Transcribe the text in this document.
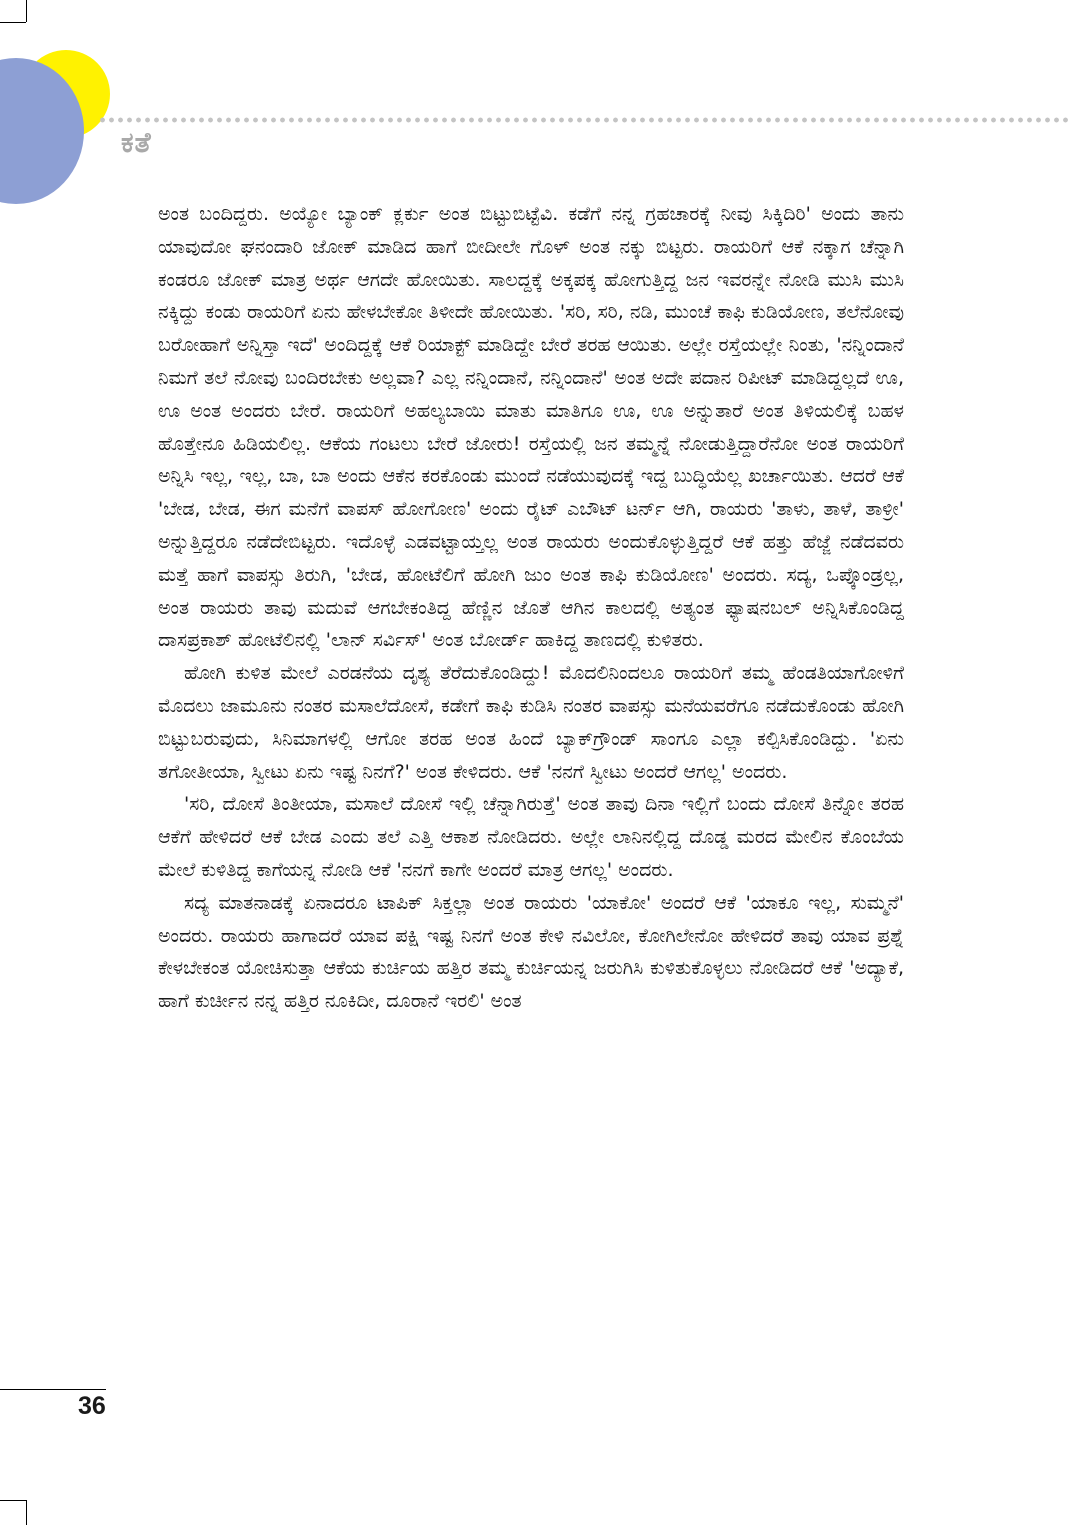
ಕತೆ

ಅಂತ ಬಂದಿದ್ದರು. ಅಯ್ಯೋ ಬ್ಯಾಂಕ್ ಕ್ಲರ್ಕು ಅಂತ ಬಿಟ್ಟುಬಿಟ್ಟೆವಿ. ಕಡೆಗೆ ನನ್ನ ಗ್ರಹಚಾರಕ್ಕೆ ನೀವು ಸಿಕ್ಕಿದಿರಿ' ಅಂದು ತಾನು ಯಾವುದೋ ಘನಂದಾರಿ ಜೋಕ್ ಮಾಡಿದ ಹಾಗೆ ಬೀದೀಲೇ ಗೊಳ್ ಅಂತ ನಕ್ಕು ಬಿಟ್ಟರು. ರಾಯರಿಗೆ ಆಕೆ ನಕ್ಕಾಗ ಚೆನ್ನಾಗಿ ಕಂಡರೂ ಜೋಕ್ ಮಾತ್ರ ಅರ್ಥ ಆಗದೇ ಹೋಯಿತು. ಸಾಲದ್ದಕ್ಕೆ ಅಕ್ಕಪಕ್ಕ ಹೋಗುತ್ತಿದ್ದ ಜನ ಇವರನ್ನೇ ನೋಡಿ ಮುಸಿ ಮುಸಿ ನಕ್ಕಿದ್ದು ಕಂಡು ರಾಯರಿಗೆ ಏನು ಹೇಳಬೇಕೋ ತಿಳೀದೇ ಹೋಯಿತು. 'ಸರಿ, ಸರಿ, ನಡಿ, ಮುಂಚೆ ಕಾಫಿ ಕುಡಿಯೋಣ, ತಲೆನೋವು ಬರೋಹಾಗೆ ಅನ್ನಿಸ್ತಾ ಇದೆ' ಅಂದಿದ್ದಕ್ಕೆ ಆಕೆ ರಿಯಾಕ್ಟ್ ಮಾಡಿದ್ದೇ ಬೇರೆ ತರಹ ಆಯಿತು. ಅಲ್ಲೇ ರಸ್ತೆಯಲ್ಲೇ ನಿಂತು, 'ನನ್ನಿಂದಾನೆ ನಿಮಗೆ ತಲೆ ನೋವು ಬಂದಿರಬೇಕು ಅಲ್ಲವಾ? ಎಲ್ಲ ನನ್ನಿಂದಾನೆ, ನನ್ನಿಂದಾನೆ' ಅಂತ ಅದೇ ಪದಾನ ರಿಪೀಟ್ ಮಾಡಿದ್ದಲ್ಲದೆ ಊ, ಊ ಅಂತ ಅಂದರು ಬೇರೆ. ರಾಯರಿಗೆ ಅಹಲ್ಯಬಾಯಿ ಮಾತು ಮಾತಿಗೂ ಊ, ಊ ಅನ್ನುತಾರೆ ಅಂತ ತಿಳಿಯಲಿಕ್ಕೆ ಬಹಳ ಹೊತ್ತೇನೂ ಹಿಡಿಯಲಿಲ್ಲ. ಆಕೆಯ ಗಂಟಲು ಬೇರೆ ಜೋರು! ರಸ್ತೆಯಲ್ಲಿ ಜನ ತಮ್ಮನ್ನೆ ನೋಡುತ್ತಿದ್ದಾರೆನೋ ಅಂತ ರಾಯರಿಗೆ ಅನ್ನಿಸಿ ಇಲ್ಲ, ಇಲ್ಲ, ಬಾ, ಬಾ ಅಂದು ಆಕೆನ ಕರಕೊಂಡು ಮುಂದೆ ನಡೆಯುವುದಕ್ಕೆ ಇದ್ದ ಬುದ್ಧಿಯೆಲ್ಲ ಖರ್ಚಾಯಿತು. ಆದರೆ ಆಕೆ 'ಬೇಡ, ಬೇಡ, ಈಗ ಮನೆಗೆ ವಾಪಸ್ ಹೋಗೋಣ' ಅಂದು ರೈಟ್ ಎಬೌಟ್ ಟರ್ನ್ ಆಗಿ, ರಾಯರು 'ತಾಳು, ತಾಳೆ, ತಾಳ್ರೀ' ಅನ್ನುತ್ತಿದ್ದರೂ ನಡೆದೇಬಿಟ್ಟರು. ಇದೊಳ್ಳೆ ಎಡವಟ್ಟಾಯ್ತಲ್ಲ ಅಂತ ರಾಯರು ಅಂದುಕೊಳ್ಳುತ್ತಿದ್ದರೆ ಆಕೆ ಹತ್ತು ಹೆಜ್ಜೆ ನಡೆದವರು ಮತ್ತೆ ಹಾಗೆ ವಾಪಸ್ಸು ತಿರುಗಿ, 'ಬೇಡ, ಹೋಟೆಲಿಗೆ ಹೋಗಿ ಜುಂ ಅಂತ ಕಾಫಿ ಕುಡಿಯೋಣ' ಅಂದರು. ಸದ್ಯ, ಒಪ್ಕೊಂಡ್ರಲ್ಲ, ಅಂತ ರಾಯರು ತಾವು ಮದುವೆ ಆಗಬೇಕಂತಿದ್ದ ಹೆಣ್ಣಿನ ಜೊತೆ ಆಗಿನ ಕಾಲದಲ್ಲಿ ಅತ್ಯಂತ ಫ್ಯಾಷನಬಲ್ ಅನ್ನಿಸಿಕೊಂಡಿದ್ದ ದಾಸಪ್ರಕಾಶ್ ಹೋಟೆಲಿನಲ್ಲಿ 'ಲಾನ್ ಸರ್ವಿಸ್' ಅಂತ ಬೋರ್ಡ್ ಹಾಕಿದ್ದ ತಾಣದಲ್ಲಿ ಕುಳಿತರು.

ಹೋಗಿ ಕುಳಿತ ಮೇಲೆ ಎರಡನೆಯ ದೃಶ್ಯ ತೆರೆದುಕೊಂಡಿದ್ದು! ಮೊದಲಿನಿಂದಲೂ ರಾಯರಿಗೆ ತಮ್ಮ ಹೆಂಡತಿಯಾಗೋಳಿಗೆ ಮೊದಲು ಜಾಮೂನು ನಂತರ ಮಸಾಲೆದೋಸೆ, ಕಡೇಗೆ ಕಾಫಿ ಕುಡಿಸಿ ನಂತರ ವಾಪಸ್ಸು ಮನೆಯವರೆಗೂ ನಡೆದುಕೊಂಡು ಹೋಗಿ ಬಿಟ್ಟುಬರುವುದು, ಸಿನಿಮಾಗಳಲ್ಲಿ ಆಗೋ ತರಹ ಅಂತ ಹಿಂದೆ ಬ್ಯಾಕ್‌ಗ್ರೌಂಡ್ ಸಾಂಗೂ ಎಲ್ಲಾ ಕಲ್ಪಿಸಿಕೊಂಡಿದ್ದು. 'ಏನು ತಗೋತೀಯಾ, ಸ್ವೀಟು ಏನು ಇಷ್ಟ ನಿನಗೆ?' ಅಂತ ಕೇಳಿದರು. ಆಕೆ 'ನನಗೆ ಸ್ವೀಟು ಅಂದರೆ ಆಗಲ್ಲ' ಅಂದರು.

'ಸರಿ, ದೋಸೆ ತಿಂತೀಯಾ, ಮಸಾಲೆ ದೋಸೆ ಇಲ್ಲಿ ಚೆನ್ನಾಗಿರುತ್ತೆ' ಅಂತ ತಾವು ದಿನಾ ಇಲ್ಲಿಗೆ ಬಂದು ದೋಸೆ ತಿನ್ನೋ ತರಹ ಆಕೆಗೆ ಹೇಳಿದರೆ ಆಕೆ ಬೇಡ ಎಂದು ತಲೆ ಎತ್ತಿ ಆಕಾಶ ನೋಡಿದರು. ಅಲ್ಲೇ ಲಾನಿನಲ್ಲಿದ್ದ ದೊಡ್ಡ ಮರದ ಮೇಲಿನ ಕೊಂಬೆಯ ಮೇಲೆ ಕುಳಿತಿದ್ದ ಕಾಗೆಯನ್ನ ನೋಡಿ ಆಕೆ 'ನನಗೆ ಕಾಗೇ ಅಂದರೆ ಮಾತ್ರ ಆಗಲ್ಲ' ಅಂದರು.

ಸದ್ಯ ಮಾತನಾಡಕ್ಕೆ ಏನಾದರೂ ಟಾಪಿಕ್ ಸಿಕ್ತಲ್ಲಾ ಅಂತ ರಾಯರು 'ಯಾಕೋ' ಅಂದರೆ ಆಕೆ 'ಯಾಕೂ ಇಲ್ಲ, ಸುಮ್ಮನೆ' ಅಂದರು. ರಾಯರು ಹಾಗಾದರೆ ಯಾವ ಪಕ್ಷಿ ಇಷ್ಟ ನಿನಗೆ ಅಂತ ಕೇಳಿ ನವಿಲೋ, ಕೋಗಿಲೇನೋ ಹೇಳಿದರೆ ತಾವು ಯಾವ ಪ್ರಶ್ನೆ ಕೇಳಬೇಕಂತ ಯೋಚಿಸುತ್ತಾ ಆಕೆಯ ಕುರ್ಚಿಯ ಹತ್ತಿರ ತಮ್ಮ ಕುರ್ಚಿಯನ್ನ ಜರುಗಿಸಿ ಕುಳಿತುಕೊಳ್ಳಲು ನೋಡಿದರೆ ಆಕೆ 'ಅದ್ಯಾಕೆ, ಹಾಗೆ ಕುರ್ಚೀನ ನನ್ನ ಹತ್ತಿರ ನೂಕಿದೀ, ದೂರಾನೆ ಇರಲಿ' ಅಂತ

36
